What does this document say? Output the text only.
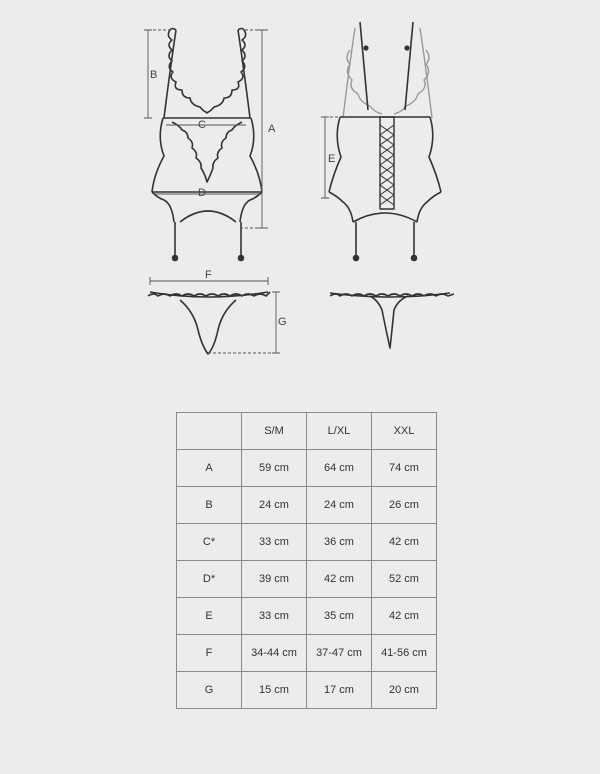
A
B
C
D
E
F
G
	S/M	L/XL	XXL
A	59 cm	64 cm	74 cm
B	24 cm	24 cm	26 cm
C*	33 cm	36 cm	42 cm
D*	39 cm	42 cm	52 cm
E	33 cm	35 cm	42 cm
F	34-44 cm	37-47 cm	41-56 cm
G	15 cm	17 cm	20 cm
